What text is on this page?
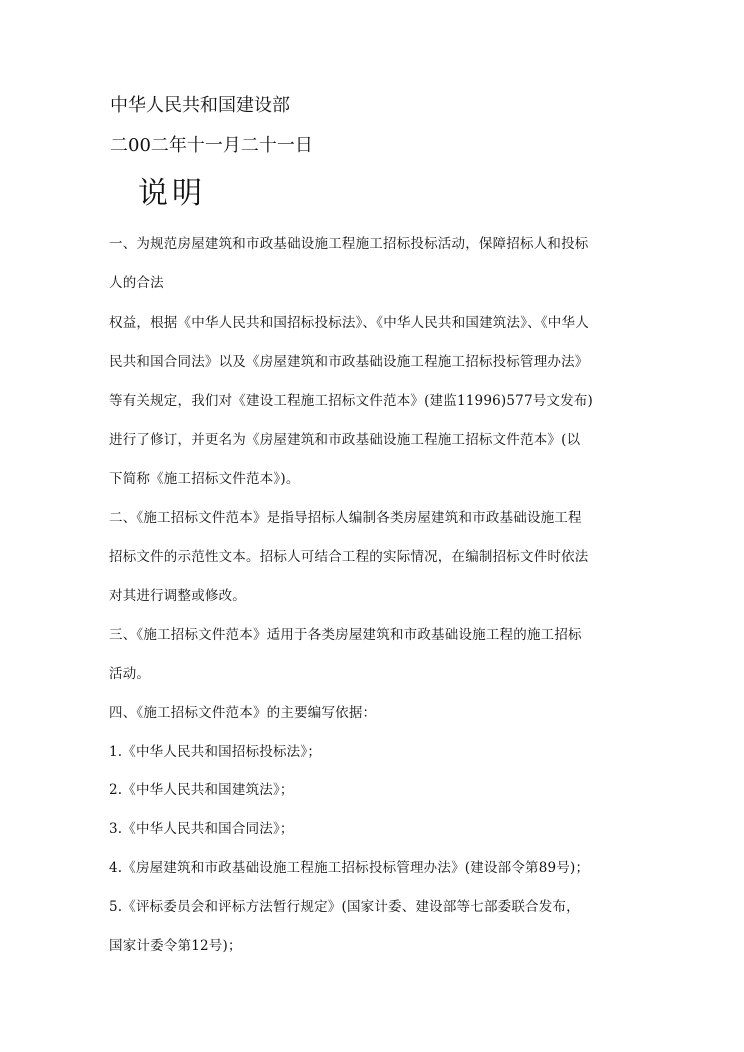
中华人民共和国建设部
二00二年十一月二十一日
说明
一、为规范房屋建筑和市政基础设施工程施工招标投标活动，保障招标人和投标
人的合法
权益，根据《中华人民共和国招标投标法》、《中华人民共和国建筑法》、《中华人
民共和国合同法》以及《房屋建筑和市政基础设施工程施工招标投标管理办法》
等有关规定，我们对《建设工程施工招标文件范本》(建监11996)577号文发布)
进行了修订，并更名为《房屋建筑和市政基础设施工程施工招标文件范本》(以
下简称《施工招标文件范本》)。
二、《施工招标文件范本》是指导招标人编制各类房屋建筑和市政基础设施工程
招标文件的示范性文本。招标人可结合工程的实际情况，在编制招标文件时依法
对其进行调整或修改。
三、《施工招标文件范本》适用于各类房屋建筑和市政基础设施工程的施工招标
活动。
四、《施工招标文件范本》的主要编写依据：
1.《中华人民共和国招标投标法》；
2.《中华人民共和国建筑法》；
3.《中华人民共和国合同法》；
4.《房屋建筑和市政基础设施工程施工招标投标管理办法》(建设部令第89号)；
5.《评标委员会和评标方法暂行规定》(国家计委、建设部等七部委联合发布，
国家计委令第12号)；
